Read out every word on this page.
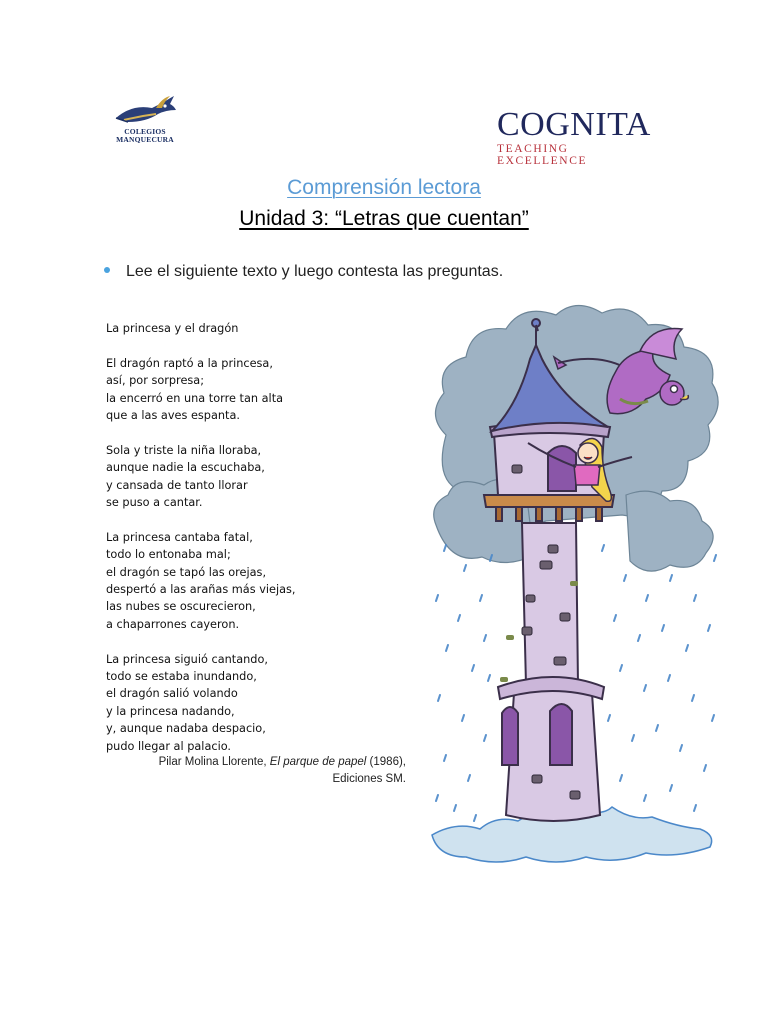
COLEGIOS
MANQUECURA	COGNITA
TEACHING EXCELLENCE
Comprensión lectora
Unidad 3: “Letras que cuentan”
Lee el siguiente texto y luego contesta las preguntas.
La princesa y el dragón
El dragón raptó a la princesa,
así, por sorpresa;
la encerró en una torre tan alta
que a las aves espanta.
Sola y triste la niña lloraba,
aunque nadie la escuchaba,
y cansada de tanto llorar
se puso a cantar.
La princesa cantaba fatal,
todo lo entonaba mal;
el dragón se tapó las orejas,
despertó a las arañas más viejas,
las nubes se oscurecieron,
a chaparrones cayeron.
La princesa siguió cantando,
todo se estaba inundando,
el dragón salió volando
y la princesa nadando,
y, aunque nadaba despacio,
pudo llegar al palacio.
Pilar Molina Llorente, El parque de papel (1986),
Ediciones SM.
